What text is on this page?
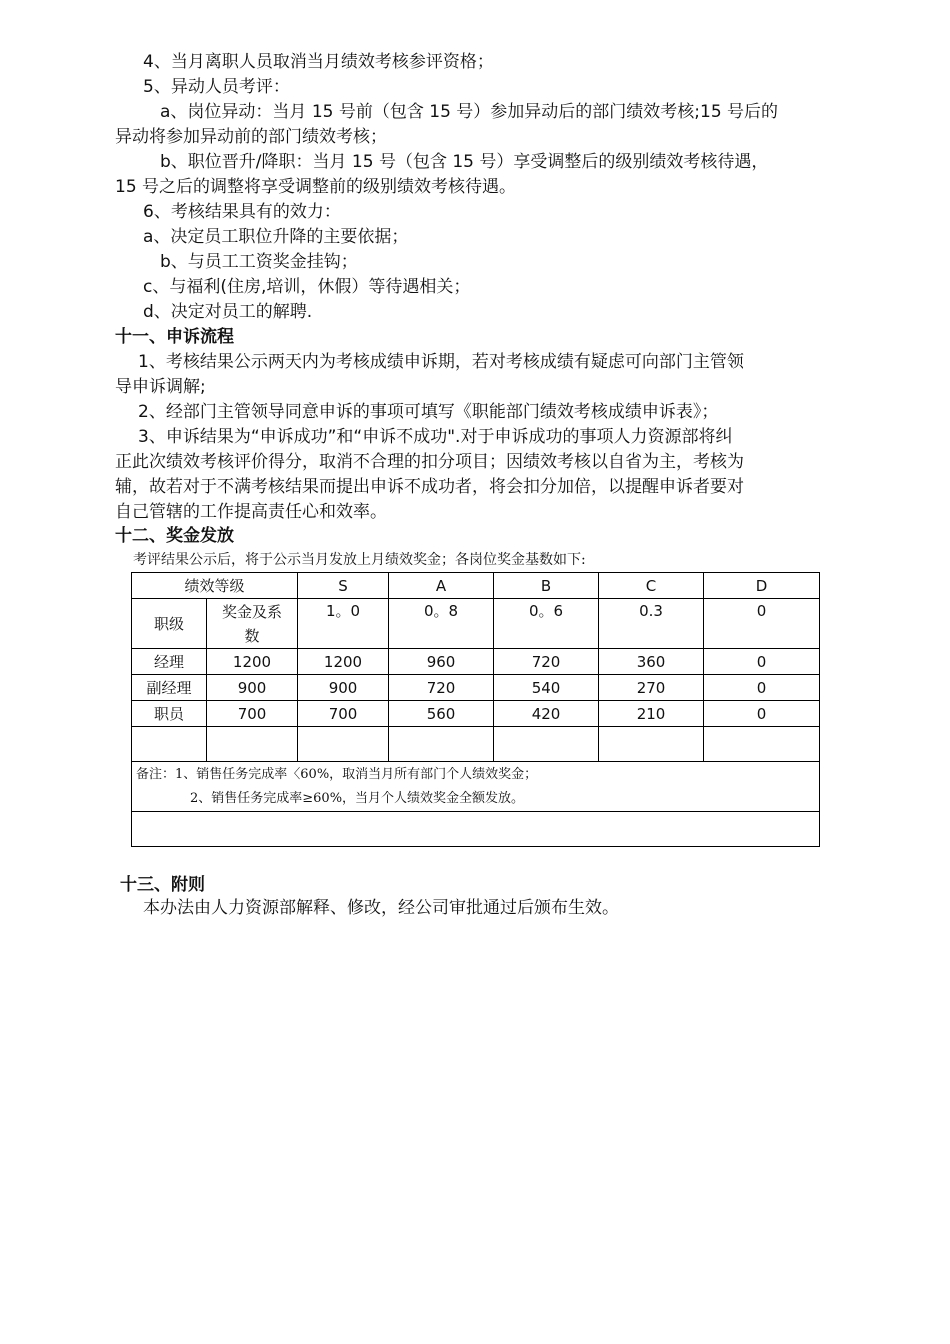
4、当月离职人员取消当月绩效考核参评资格；
5、异动人员考评：
a、岗位异动：当月 15 号前（包含 15 号）参加异动后的部门绩效考核;15 号后的
异动将参加异动前的部门绩效考核；
b、职位晋升/降职：当月 15 号（包含 15 号）享受调整后的级别绩效考核待遇，
15 号之后的调整将享受调整前的级别绩效考核待遇。
6、考核结果具有的效力：
a、决定员工职位升降的主要依据；
b、与员工工资奖金挂钩；
c、与福利(住房,培训，休假）等待遇相关；
d、决定对员工的解聘.
十一、申诉流程
1、考核结果公示两天内为考核成绩申诉期，若对考核成绩有疑虑可向部门主管领
导申诉调解;
2、经部门主管领导同意申诉的事项可填写《职能部门绩效考核成绩申诉表》；
3、申诉结果为“申诉成功”和“申诉不成功".对于申诉成功的事项人力资源部将纠
正此次绩效考核评价得分，取消不合理的扣分项目；因绩效考核以自省为主，考核为
辅，故若对于不满考核结果而提出申诉不成功者，将会扣分加倍，以提醒申诉者要对
自己管辖的工作提高责任心和效率。
十二、奖金发放
考评结果公示后，将于公示当月发放上月绩效奖金；各岗位奖金基数如下:
绩效等级		S	A	B	C	D
职级	奖金及系数	1。0	0。8	0。6	0.3	0
经理	1200	1200	960	720	360	0
副经理	900	900	720	540	270	0
职员	700	700	560	420	210	0

备注：1、销售任务完成率〈60%，取消当月所有部门个人绩效奖金；
2、销售任务完成率≥60%，当月个人绩效奖金全额发放。						

十三、附则
本办法由人力资源部解释、修改，经公司审批通过后颁布生效。
